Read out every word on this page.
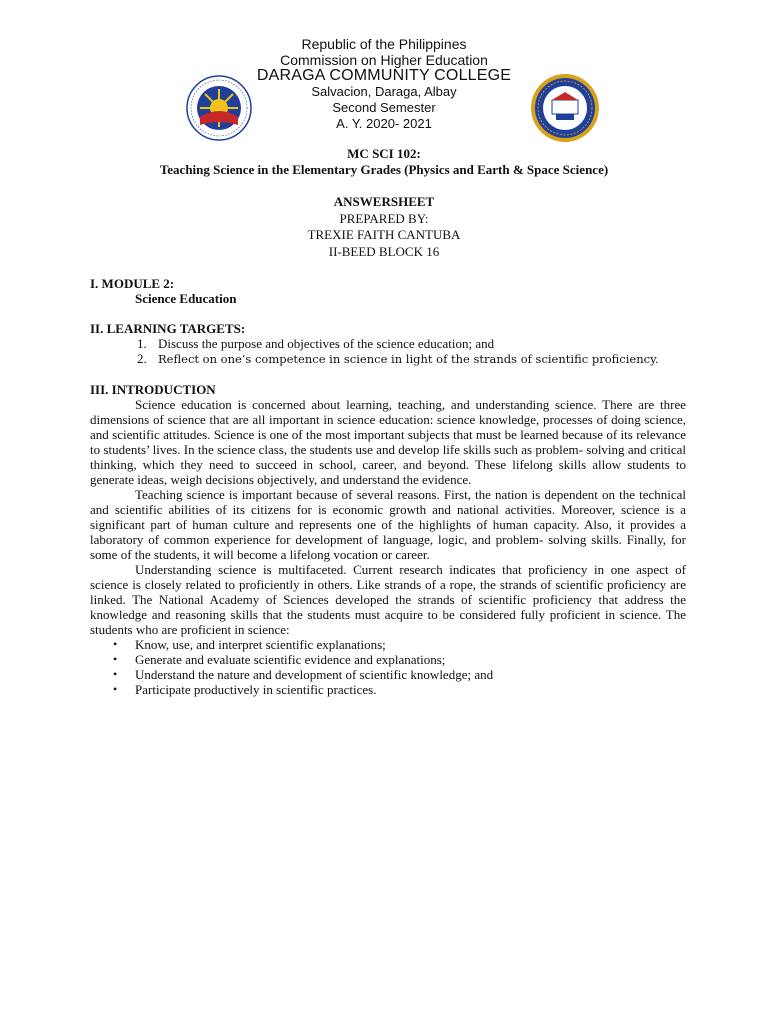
Republic of the Philippines
Commission on Higher Education
DARAGA COMMUNITY COLLEGE
Salvacion, Daraga, Albay
Second Semester
A. Y. 2020- 2021
MC SCI 102:
Teaching Science in the Elementary Grades (Physics and Earth & Space Science)
ANSWERSHEET
PREPARED BY:
TREXIE FAITH CANTUBA
II-BEED BLOCK 16

I. MODULE 2:

Science Education

II. LEARNING TARGETS:

1. Discuss the purpose and objectives of the science education; and
2. Reflect on one’s competence in science in light of the strands of scientific proficiency.

III. INTRODUCTION

Science education is concerned about learning, teaching, and understanding science. There are three dimensions of science that are all important in science education: science knowledge, processes of doing science, and scientific attitudes. Science is one of the most important subjects that must be learned because of its relevance to students’ lives. In the science class, the students use and develop life skills such as problem- solving and critical thinking, which they need to succeed in school, career, and beyond. These lifelong skills allow students to generate ideas, weigh decisions objectively, and understand the evidence.

Teaching science is important because of several reasons. First, the nation is dependent on the technical and scientific abilities of its citizens for is economic growth and national activities. Moreover, science is a significant part of human culture and represents one of the highlights of human capacity. Also, it provides a laboratory of common experience for development of language, logic, and problem- solving skills. Finally, for some of the students, it will become a lifelong vocation or career.

Understanding science is multifaceted. Current research indicates that proficiency in one aspect of science is closely related to proficiently in others. Like strands of a rope, the strands of scientific proficiency are linked. The National Academy of Sciences developed the strands of scientific proficiency that address the knowledge and reasoning skills that the students must acquire to be considered fully proficient in science. The students who are proficient in science:

• Know, use, and interpret scientific explanations;
• Generate and evaluate scientific evidence and explanations;
• Understand the nature and development of scientific knowledge; and
• Participate productively in scientific practices.
